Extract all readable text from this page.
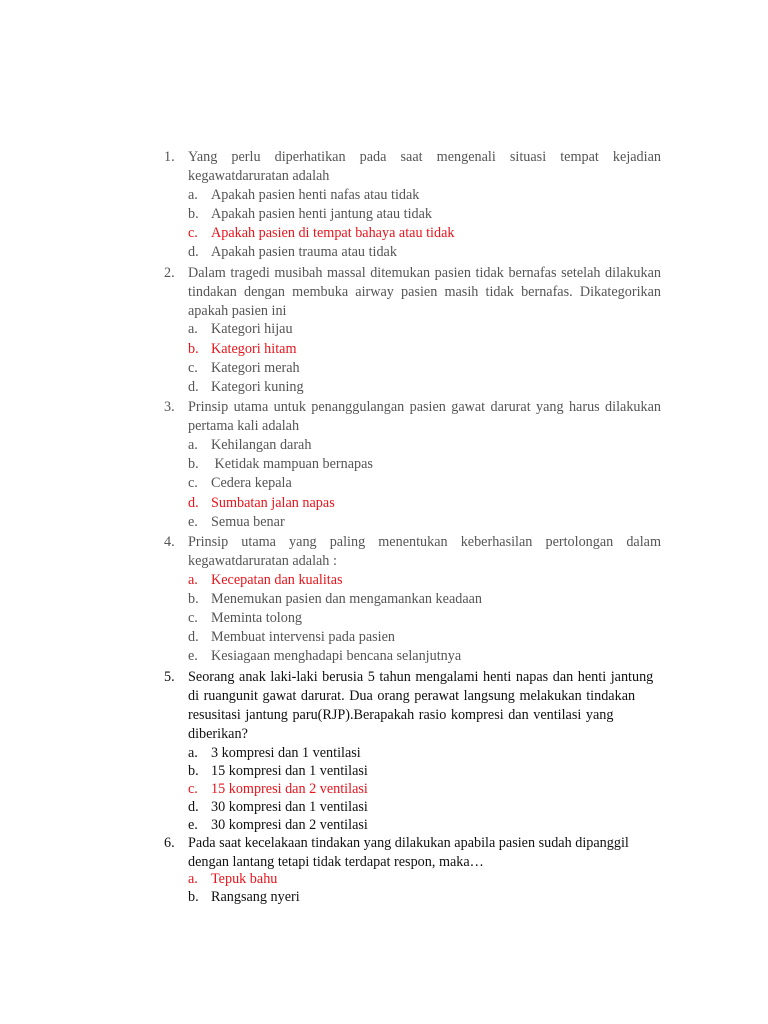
1. Yang perlu diperhatikan pada saat mengenali situasi tempat kejadian kegawatdaruratan adalah
a. Apakah pasien henti nafas atau tidak
b. Apakah pasien henti jantung atau tidak
c. Apakah pasien di tempat bahaya atau tidak
d. Apakah pasien trauma atau tidak
2. Dalam tragedi musibah massal ditemukan pasien tidak bernafas setelah dilakukan tindakan dengan membuka airway pasien masih tidak bernafas. Dikategorikan apakah pasien ini
a. Kategori hijau
b. Kategori hitam
c. Kategori merah
d. Kategori kuning
3. Prinsip utama untuk penanggulangan pasien gawat darurat yang harus dilakukan pertama kali adalah
a. Kehilangan darah
b. Ketidak mampuan bernapas
c. Cedera kepala
d. Sumbatan jalan napas
e. Semua benar
4. Prinsip utama yang paling menentukan keberhasilan pertolongan dalam kegawatdaruratan adalah :
a. Kecepatan dan kualitas
b. Menemukan pasien dan mengamankan keadaan
c. Meminta tolong
d. Membuat intervensi pada pasien
e. Kesiagaan menghadapi bencana selanjutnya
5. Seorang anak laki-laki berusia 5 tahun mengalami henti napas dan henti jantung di ruangunit gawat darurat. Dua orang perawat langsung melakukan tindakan resusitasi jantung paru(RJP).Berapakah rasio kompresi dan ventilasi yang diberikan?
a. 3 kompresi dan 1 ventilasi
b. 15 kompresi dan 1 ventilasi
c. 15 kompresi dan 2 ventilasi
d. 30 kompresi dan 1 ventilasi
e. 30 kompresi dan 2 ventilasi
6. Pada saat kecelakaan tindakan yang dilakukan apabila pasien sudah dipanggil dengan lantang tetapi tidak terdapat respon, maka…
a. Tepuk bahu
b. Rangsang nyeri
